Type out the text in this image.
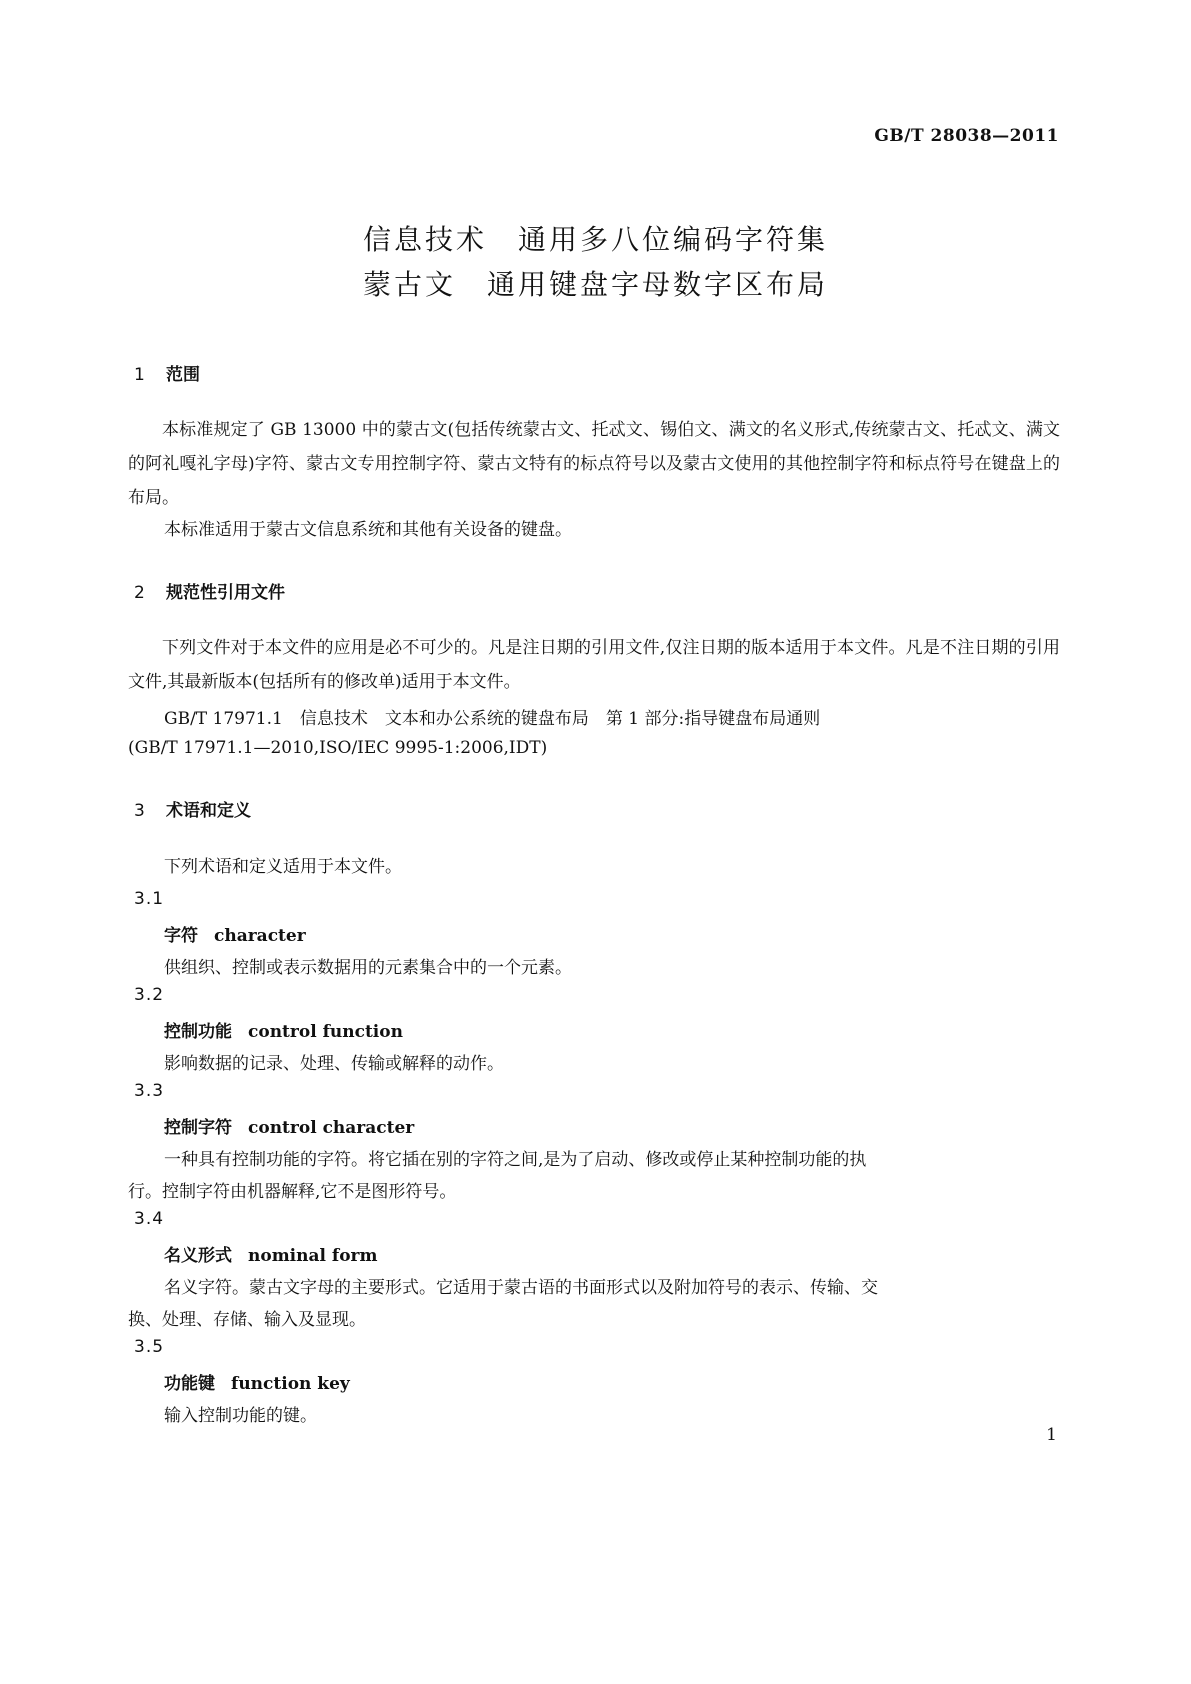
GB/T 28038—2011
信息技术　通用多八位编码字符集
蒙古文　通用键盘字母数字区布局
1 范围
本标准规定了 GB 13000 中的蒙古文(包括传统蒙古文、托忒文、锡伯文、满文的名义形式,传统蒙古文、托忒文、满文的阿礼嘎礼字母)字符、蒙古文专用控制字符、蒙古文特有的标点符号以及蒙古文使用的其他控制字符和标点符号在键盘上的布局。
本标准适用于蒙古文信息系统和其他有关设备的键盘。
2 规范性引用文件
下列文件对于本文件的应用是必不可少的。凡是注日期的引用文件,仅注日期的版本适用于本文件。凡是不注日期的引用文件,其最新版本(包括所有的修改单)适用于本文件。
GB/T 17971.1　信息技术　文本和办公系统的键盘布局　第 1 部分:指导键盘布局通则
(GB/T 17971.1—2010,ISO/IEC 9995-1:2006,IDT)
3 术语和定义
下列术语和定义适用于本文件。
3.1
字符 character
供组织、控制或表示数据用的元素集合中的一个元素。
3.2
控制功能 control function
影响数据的记录、处理、传输或解释的动作。
3.3
控制字符 control character
一种具有控制功能的字符。将它插在别的字符之间,是为了启动、修改或停止某种控制功能的执
行。控制字符由机器解释,它不是图形符号。
3.4
名义形式 nominal form
名义字符。蒙古文字母的主要形式。它适用于蒙古语的书面形式以及附加符号的表示、传输、交
换、处理、存储、输入及显现。
3.5
功能键 function key
输入控制功能的键。
1
